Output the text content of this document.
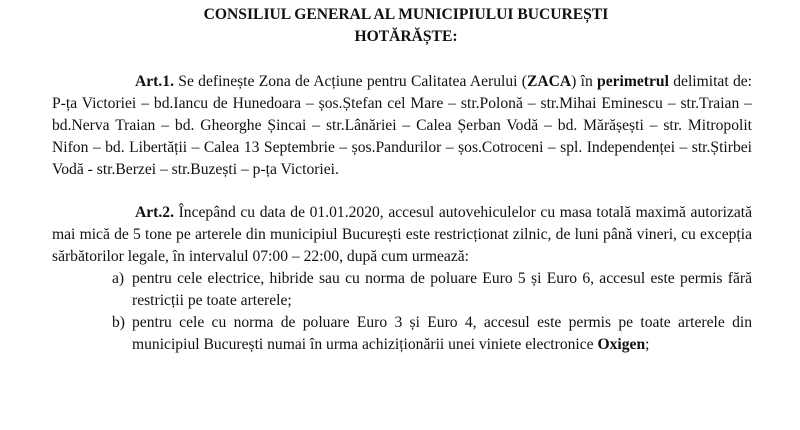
CONSILIUL GENERAL AL MUNICIPIULUI BUCUREȘTI
HOTĂRĂȘTE:

Art.1. Se definește Zona de Acțiune pentru Calitatea Aerului (ZACA) în perimetrul delimitat de: P-ța Victoriei – bd.Iancu de Hunedoara – șos.Ștefan cel Mare – str.Polonă – str.Mihai Eminescu – str.Traian – bd.Nerva Traian – bd. Gheorghe Șincai – str.Lânăriei – Calea Șerban Vodă – bd. Mărășești – str. Mitropolit Nifon – bd. Libertății – Calea 13 Septembrie – șos.Pandurilor – șos.Cotroceni – spl. Independenței – str.Știrbei Vodă - str.Berzei – str.Buzești – p-ța Victoriei.

Art.2. Începând cu data de 01.01.2020, accesul autovehiculelor cu masa totală maximă autorizată mai mică de 5 tone pe arterele din municipiul București este restricționat zilnic, de luni până vineri, cu excepția sărbătorilor legale, în intervalul 07:00 – 22:00, după cum urmează:

a) pentru cele electrice, hibride sau cu norma de poluare Euro 5 și Euro 6, accesul este permis fără restricții pe toate arterele;
b) pentru cele cu norma de poluare Euro 3 și Euro 4, accesul este permis pe toate arterele din municipiul București numai în urma achiziționării unei viniete electronice Oxigen;
